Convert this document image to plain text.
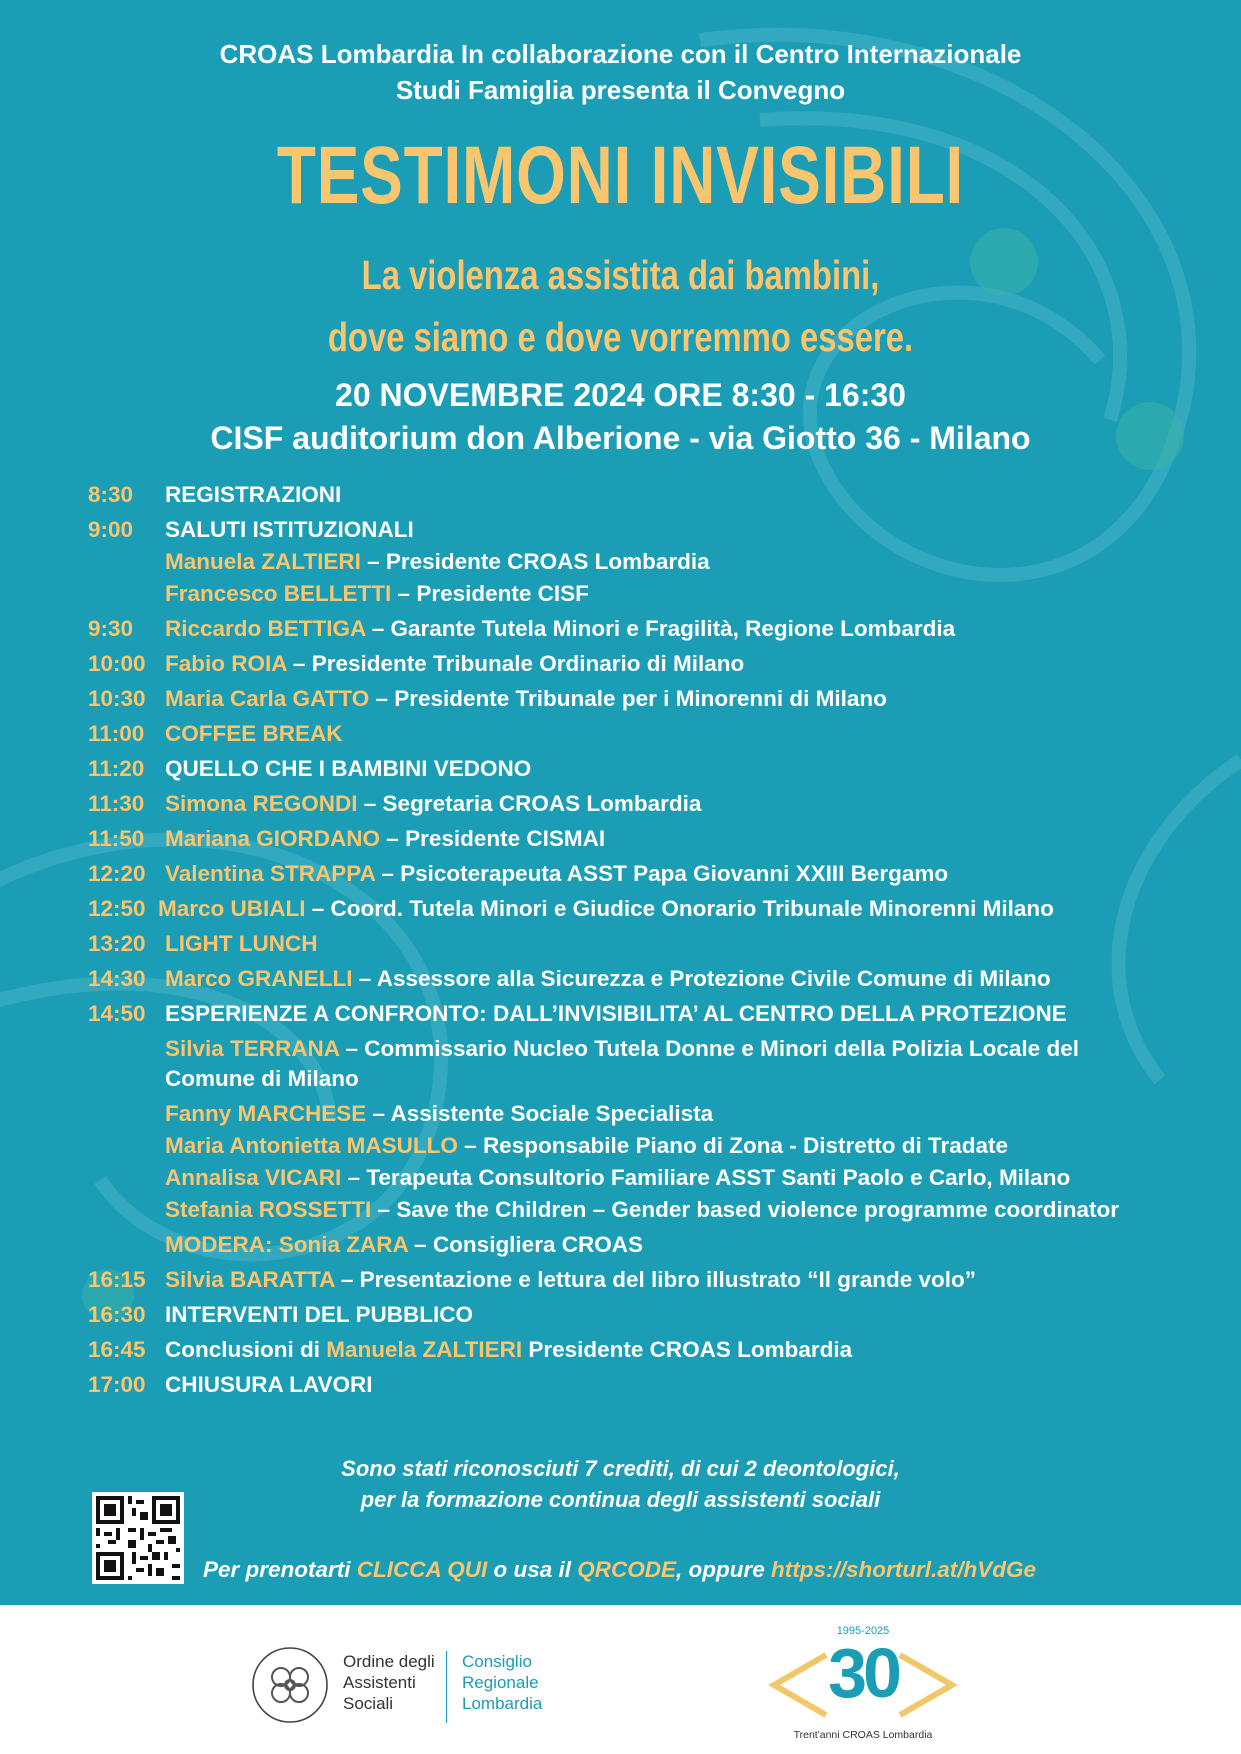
CROAS Lombardia In collaborazione con il Centro Internazionale
Studi Famiglia presenta il Convegno
TESTIMONI INVISIBILI
La violenza assistita dai bambini,
dove siamo e dove vorremmo essere.
20 NOVEMBRE 2024 ORE 8:30 - 16:30
CISF auditorium don Alberione - via Giotto 36 - Milano
8:30	REGISTRAZIONI
9:00	SALUTI ISTITUZIONALI
Manuela ZALTIERI – Presidente CROAS Lombardia
Francesco BELLETTI – Presidente CISF
9:30	Riccardo BETTIGA – Garante Tutela Minori e Fragilità, Regione Lombardia
10:00 Fabio ROIA – Presidente Tribunale Ordinario di Milano
10:30 Maria Carla GATTO – Presidente Tribunale per i Minorenni di Milano
11:00 COFFEE BREAK
11:20 QUELLO CHE I BAMBINI VEDONO
11:30 Simona REGONDI – Segretaria CROAS Lombardia
11:50 Mariana GIORDANO – Presidente CISMAI
12:20 Valentina STRAPPA – Psicoterapeuta ASST Papa Giovanni XXIII Bergamo
12:50 Marco UBIALI – Coord. Tutela Minori e Giudice Onorario Tribunale Minorenni Milano
13:20 LIGHT LUNCH
14:30 Marco GRANELLI – Assessore alla Sicurezza e Protezione Civile Comune di Milano
14:50 ESPERIENZE A CONFRONTO: DALL’INVISIBILITA’ AL CENTRO DELLA PROTEZIONE
Silvia TERRANA – Commissario Nucleo Tutela Donne e Minori della Polizia Locale del Comune di Milano
Fanny MARCHESE – Assistente Sociale Specialista
Maria Antonietta MASULLO – Responsabile Piano di Zona - Distretto di Tradate
Annalisa VICARI – Terapeuta Consultorio Familiare ASST Santi Paolo e Carlo, Milano
Stefania ROSSETTI – Save the Children – Gender based violence programme coordinator
MODERA: Sonia ZARA – Consigliera CROAS
16:15 Silvia BARATTA – Presentazione e lettura del libro illustrato “Il grande volo”
16:30 INTERVENTI DEL PUBBLICO
16:45 Conclusioni di Manuela ZALTIERI Presidente CROAS Lombardia
17:00 CHIUSURA LAVORI
Sono stati riconosciuti 7 crediti, di cui 2 deontologici,
per la formazione continua degli assistenti sociali
Per prenotarti CLICCA QUI o usa il QRCODE, oppure https://shorturl.at/hVdGe
Ordine degli
Assistenti
Sociali
Consiglio
Regionale
Lombardia
1995-2025
30
Trent'anni CROAS Lombardia
